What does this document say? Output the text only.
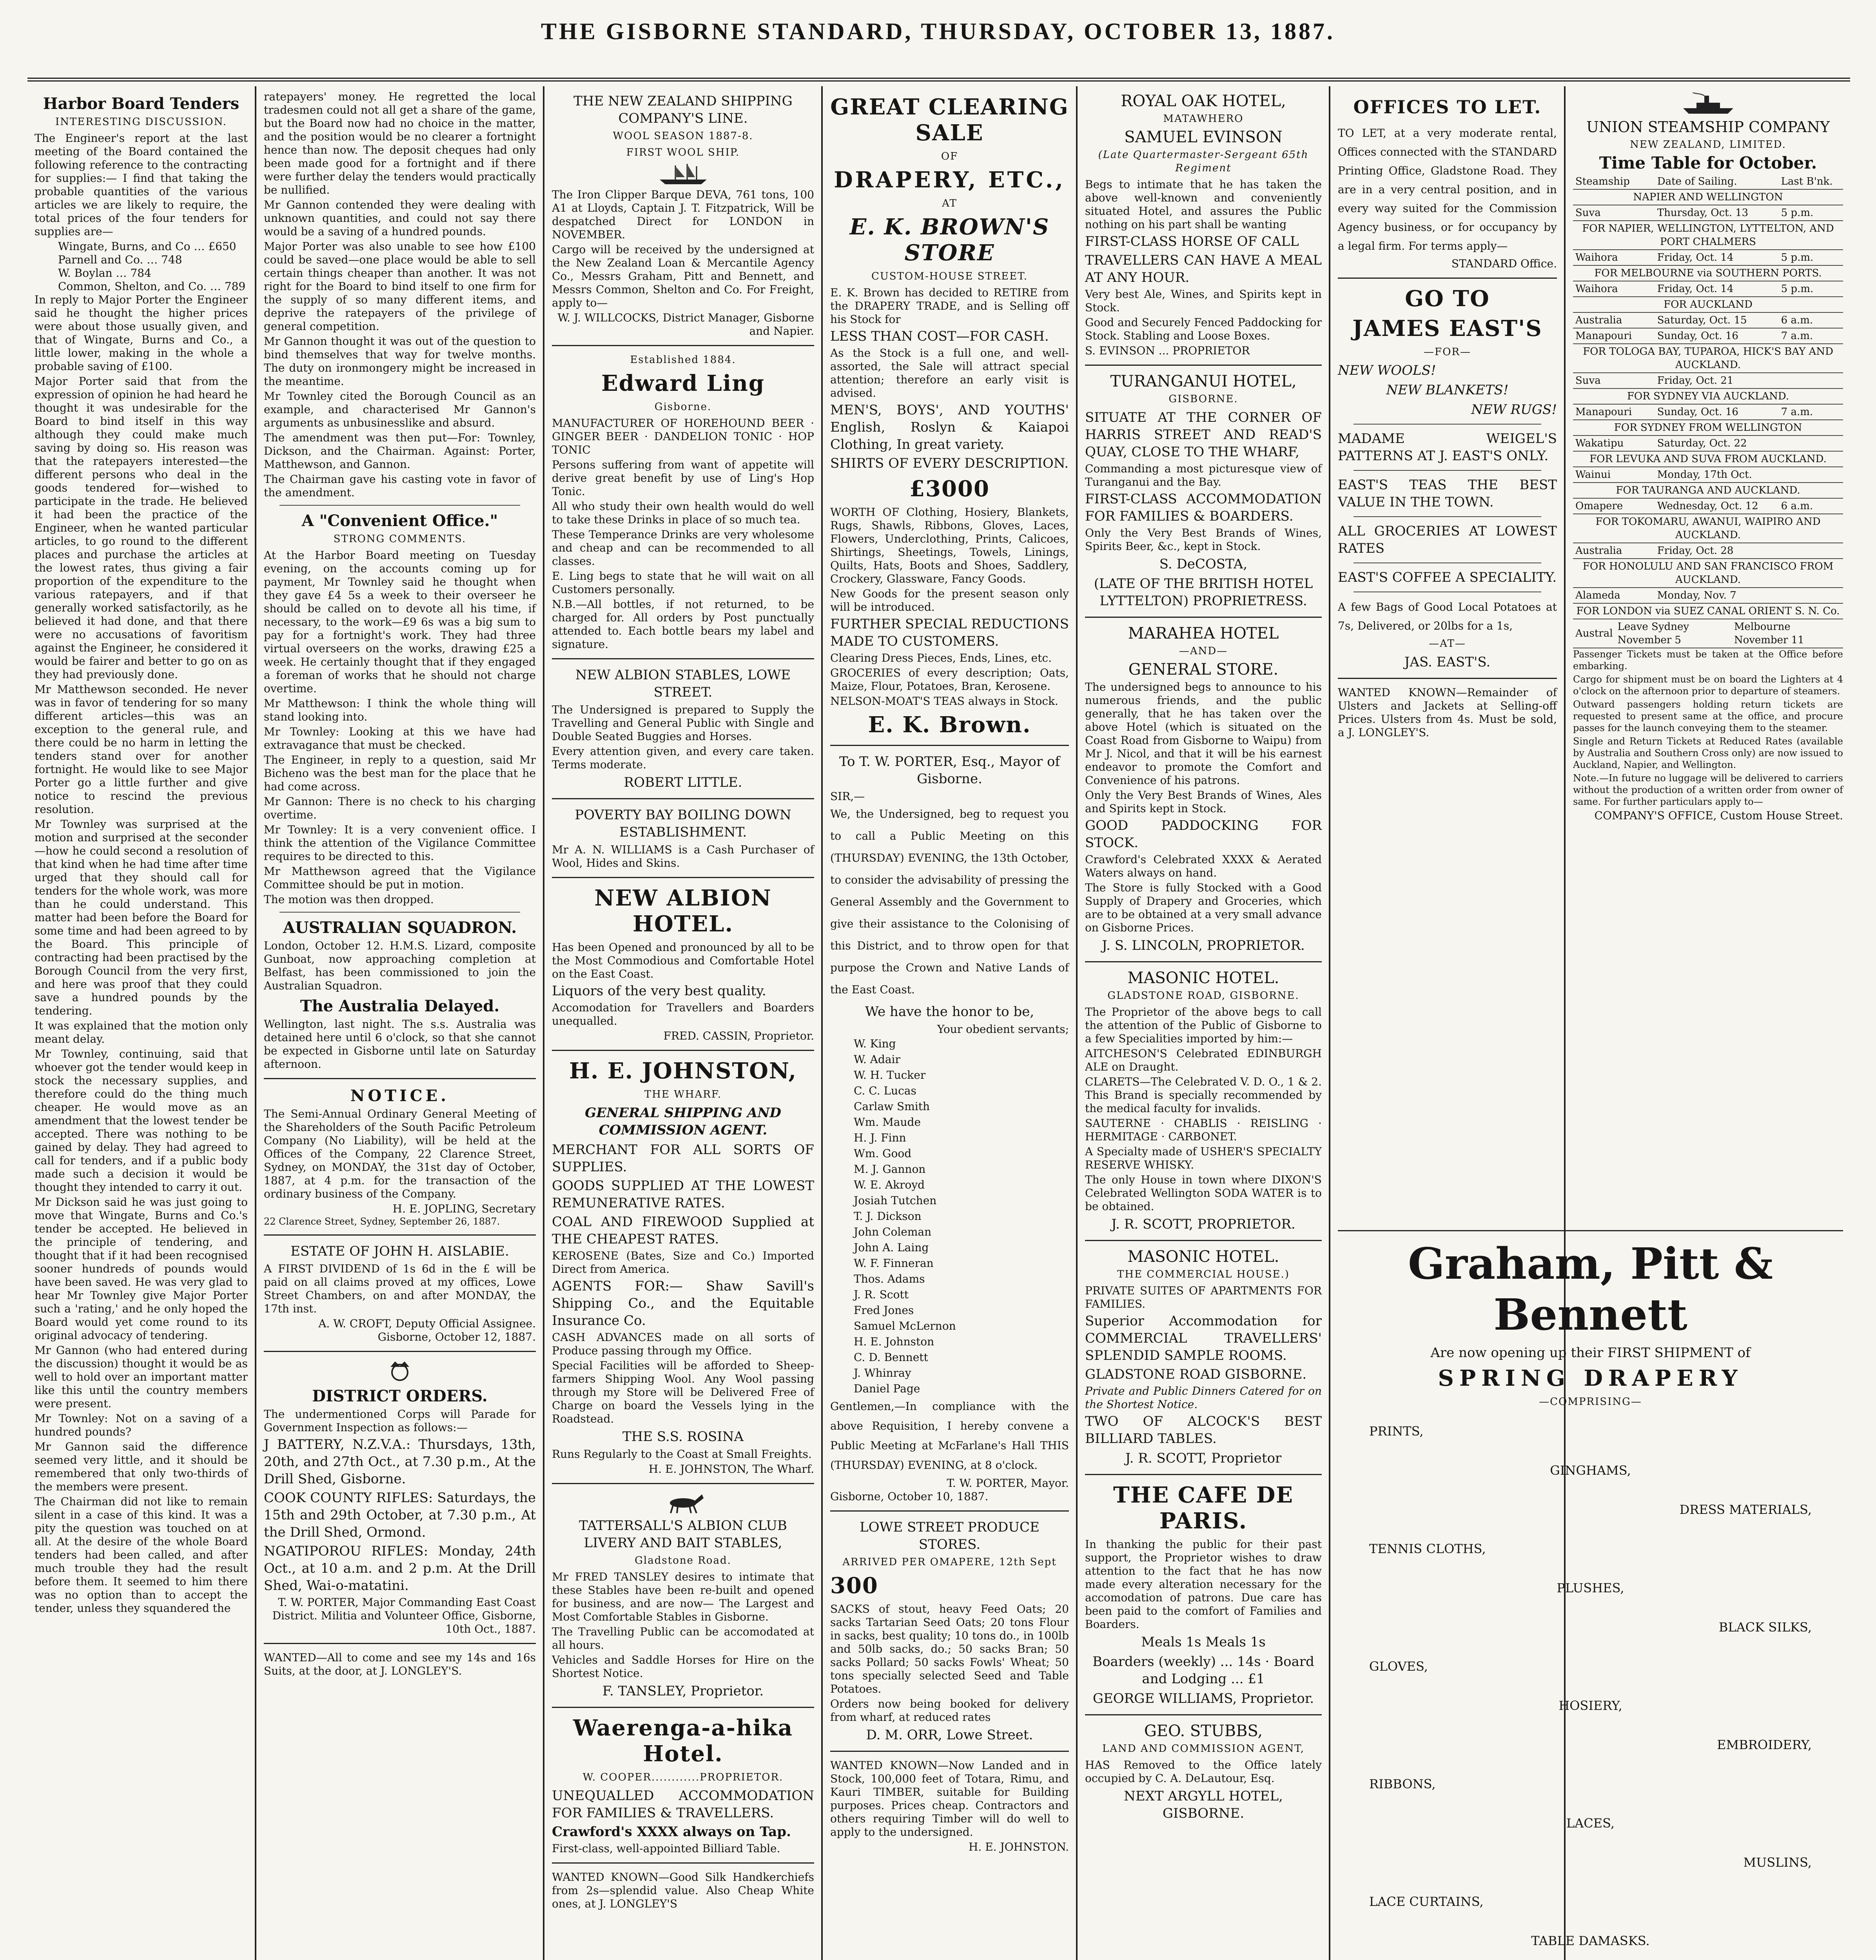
THE GISBORNE STANDARD, THURSDAY, OCTOBER 13, 1887.
Harbor Board Tenders
INTERESTING DISCUSSION.

The Engineer's report at the last meeting of the Board contained the following reference to the contracting for supplies:— I find that taking the probable quantities of the various articles we are likely to require, the total prices of the four tenders for supplies are—

Wingate, Burns, and Co … £650
Parnell and Co. … 748
W. Boylan … 784
Common, Shelton, and Co. … 789

In reply to Major Porter the Engineer said he thought the higher prices were about those usually given, and that of Wingate, Burns and Co., a little lower, making in the whole a probable saving of £100.

Major Porter said that from the expression of opinion he had heard he thought it was undesirable for the Board to bind itself in this way although they could make much saving by doing so. His reason was that the ratepayers interested—the different persons who deal in the goods tendered for—wished to participate in the trade. He believed it had been the practice of the Engineer, when he wanted particular articles, to go round to the different places and purchase the articles at the lowest rates, thus giving a fair proportion of the expenditure to the various ratepayers, and if that generally worked satisfactorily, as he believed it had done, and that there were no accusations of favoritism against the Engineer, he considered it would be fairer and better to go on as they had previously done.

Mr Matthewson seconded. He never was in favor of tendering for so many different articles—this was an exception to the general rule, and there could be no harm in letting the tenders stand over for another fortnight. He would like to see Major Porter go a little further and give notice to rescind the previous resolution.

Mr Townley was surprised at the motion and surprised at the seconder—how he could second a resolution of that kind when he had time after time urged that they should call for tenders for the whole work, was more than he could understand. This matter had been before the Board for some time and had been agreed to by the Board. This principle of contracting had been practised by the Borough Council from the very first, and here was proof that they could save a hundred pounds by the tendering.

It was explained that the motion only meant delay.

Mr Townley, continuing, said that whoever got the tender would keep in stock the necessary supplies, and therefore could do the thing much cheaper. He would move as an amendment that the lowest tender be accepted. There was nothing to be gained by delay. They had agreed to call for tenders, and if a public body made such a decision it would be thought they intended to carry it out.

Mr Dickson said he was just going to move that Wingate, Burns and Co.'s tender be accepted. He believed in the principle of tendering, and thought that if it had been recognised sooner hundreds of pounds would have been saved. He was very glad to hear Mr Townley give Major Porter such a 'rating,' and he only hoped the Board would yet come round to its original advocacy of tendering.

Mr Gannon (who had entered during the discussion) thought it would be as well to hold over an important matter like this until the country members were present.

Mr Townley: Not on a saving of a hundred pounds?

Mr Gannon said the difference seemed very little, and it should be remembered that only two-thirds of the members were present.

The Chairman did not like to remain silent in a case of this kind. It was a pity the question was touched on at all. At the desire of the whole Board tenders had been called, and after much trouble they had the result before them. It seemed to him there was no option than to accept the tender, unless they squandered the

ratepayers' money. He regretted the local tradesmen could not all get a share of the game, but the Board now had no choice in the matter, and the position would be no clearer a fortnight hence than now. The deposit cheques had only been made good for a fortnight and if there were further delay the tenders would practically be nullified.

Mr Gannon contended they were dealing with unknown quantities, and could not say there would be a saving of a hundred pounds.

Major Porter was also unable to see how £100 could be saved—one place would be able to sell certain things cheaper than another. It was not right for the Board to bind itself to one firm for the supply of so many different items, and deprive the ratepayers of the privilege of general competition.

Mr Gannon thought it was out of the question to bind themselves that way for twelve months. The duty on ironmongery might be increased in the meantime.

Mr Townley cited the Borough Council as an example, and characterised Mr Gannon's arguments as unbusinesslike and absurd.

The amendment was then put—For: Townley, Dickson, and the Chairman. Against: Porter, Matthewson, and Gannon.

The Chairman gave his casting vote in favor of the amendment.

A "Convenient Office."
STRONG COMMENTS.

At the Harbor Board meeting on Tuesday evening, on the accounts coming up for payment, Mr Townley said he thought when they gave £4 5s a week to their overseer he should be called on to devote all his time, if necessary, to the work—£9 6s was a big sum to pay for a fortnight's work. They had three virtual overseers on the works, drawing £25 a week. He certainly thought that if they engaged a foreman of works that he should not charge overtime.

Mr Matthewson: I think the whole thing will stand looking into.

Mr Townley: Looking at this we have had extravagance that must be checked.

The Engineer, in reply to a question, said Mr Bicheno was the best man for the place that he had come across.

Mr Gannon: There is no check to his charging overtime.

Mr Townley: It is a very convenient office. I think the attention of the Vigilance Committee requires to be directed to this.

Mr Matthewson agreed that the Vigilance Committee should be put in motion.

The motion was then dropped.

AUSTRALIAN SQUADRON.

London, October 12. H.M.S. Lizard, composite Gunboat, now approaching completion at Belfast, has been commissioned to join the Australian Squadron.

The Australia Delayed.

Wellington, last night. The s.s. Australia was detained here until 6 o'clock, so that she cannot be expected in Gisborne until late on Saturday afternoon.

NOTICE.

The Semi-Annual Ordinary General Meeting of the Shareholders of the South Pacific Petroleum Company (No Liability), will be held at the Offices of the Company, 22 Clarence Street, Sydney, on MONDAY, the 31st day of October, 1887, at 4 p.m. for the transaction of the ordinary business of the Company.

H. E. JOPLING, Secretary
22 Clarence Street, Sydney, September 26, 1887.
ESTATE OF JOHN H. AISLABIE.

A FIRST DIVIDEND of 1s 6d in the £ will be paid on all claims proved at my offices, Lowe Street Chambers, on and after MONDAY, the 17th inst.

A. W. CROFT, Deputy Official Assignee. Gisborne, October 12, 1887.
DISTRICT ORDERS.

The undermentioned Corps will Parade for Government Inspection as follows:—

J BATTERY, N.Z.V.A.: Thursdays, 13th, 20th, and 27th Oct., at 7.30 p.m., At the Drill Shed, Gisborne.

COOK COUNTY RIFLES: Saturdays, the 15th and 29th October, at 7.30 p.m., At the Drill Shed, Ormond.

NGATIPOROU RIFLES: Monday, 24th Oct., at 10 a.m. and 2 p.m. At the Drill Shed, Wai-o-matatini.

T. W. PORTER, Major Commanding East Coast District. Militia and Volunteer Office, Gisborne, 10th Oct., 1887.

WANTED—All to come and see my 14s and 16s Suits, at the door, at J. LONGLEY'S.

THE NEW ZEALAND SHIPPING COMPANY'S LINE.
WOOL SEASON 1887-8.
FIRST WOOL SHIP.

The Iron Clipper Barque DEVA, 761 tons, 100 A1 at Lloyds, Captain J. T. Fitzpatrick, Will be despatched Direct for LONDON in NOVEMBER.

Cargo will be received by the undersigned at the New Zealand Loan & Mercantile Agency Co., Messrs Graham, Pitt and Bennett, and Messrs Common, Shelton and Co. For Freight, apply to—

W. J. WILLCOCKS, District Manager, Gisborne and Napier.
Established 1884.
Edward Ling
Gisborne.

MANUFACTURER OF HOREHOUND BEER · GINGER BEER · DANDELION TONIC · HOP TONIC

Persons suffering from want of appetite will derive great benefit by use of Ling's Hop Tonic.

All who study their own health would do well to take these Drinks in place of so much tea.

These Temperance Drinks are very wholesome and cheap and can be recommended to all classes.

E. Ling begs to state that he will wait on all Customers personally.

N.B.—All bottles, if not returned, to be charged for. All orders by Post punctually attended to. Each bottle bears my label and signature.

NEW ALBION STABLES, LOWE STREET.

The Undersigned is prepared to Supply the Travelling and General Public with Single and Double Seated Buggies and Horses.

Every attention given, and every care taken. Terms moderate.

ROBERT LITTLE.
POVERTY BAY BOILING DOWN ESTABLISHMENT.

Mr A. N. WILLIAMS is a Cash Purchaser of Wool, Hides and Skins.

NEW ALBION HOTEL.

Has been Opened and pronounced by all to be the Most Commodious and Comfortable Hotel on the East Coast.

Liquors of the very best quality.

Accomodation for Travellers and Boarders unequalled.

FRED. CASSIN, Proprietor.
H. E. JOHNSTON,
THE WHARF.
GENERAL SHIPPING AND COMMISSION AGENT.

MERCHANT FOR ALL SORTS OF SUPPLIES.

GOODS SUPPLIED AT THE LOWEST REMUNERATIVE RATES.

COAL AND FIREWOOD Supplied at THE CHEAPEST RATES.

KEROSENE (Bates, Size and Co.) Imported Direct from America.

AGENTS FOR:— Shaw Savill's Shipping Co., and the Equitable Insurance Co.

CASH ADVANCES made on all sorts of Produce passing through my Office.

Special Facilities will be afforded to Sheep-farmers Shipping Wool. Any Wool passing through my Store will be Delivered Free of Charge on board the Vessels lying in the Roadstead.

THE S.S. ROSINA

Runs Regularly to the Coast at Small Freights.

H. E. JOHNSTON, The Wharf.
TATTERSALL'S ALBION CLUB LIVERY AND BAIT STABLES,
Gladstone Road.

Mr FRED TANSLEY desires to intimate that these Stables have been re-built and opened for business, and are now— The Largest and Most Comfortable Stables in Gisborne.

The Travelling Public can be accomodated at all hours.

Vehicles and Saddle Horses for Hire on the Shortest Notice.

F. TANSLEY, Proprietor.
Waerenga-a-hika Hotel.
W. COOPER............PROPRIETOR.

UNEQUALLED ACCOMMODATION FOR FAMILIES & TRAVELLERS.

Crawford's XXXX always on Tap.

First-class, well-appointed Billiard Table.

WANTED KNOWN—Good Silk Handkerchiefs from 2s—splendid value. Also Cheap White ones, at J. LONGLEY'S

GREAT CLEARING SALE
OF
DRAPERY, ETC.,
AT
E. K. BROWN'S STORE
CUSTOM-HOUSE STREET.

E. K. Brown has decided to RETIRE from the DRAPERY TRADE, and is Selling off his Stock for

LESS THAN COST—FOR CASH.

As the Stock is a full one, and well-assorted, the Sale will attract special attention; therefore an early visit is advised.

MEN'S, BOYS', AND YOUTHS' English, Roslyn & Kaiapoi Clothing, In great variety.

SHIRTS OF EVERY DESCRIPTION.

£3000

WORTH OF Clothing, Hosiery, Blankets, Rugs, Shawls, Ribbons, Gloves, Laces, Flowers, Underclothing, Prints, Calicoes, Shirtings, Sheetings, Towels, Linings, Quilts, Hats, Boots and Shoes, Saddlery, Crockery, Glassware, Fancy Goods.

New Goods for the present season only will be introduced.

FURTHER SPECIAL REDUCTIONS MADE TO CUSTOMERS.

Clearing Dress Pieces, Ends, Lines, etc.

GROCERIES of every description; Oats, Maize, Flour, Potatoes, Bran, Kerosene.

NELSON-MOAT'S TEAS always in Stock.

E. K. Brown.
To T. W. PORTER, Esq., Mayor of Gisborne.
SIR,—

We, the Undersigned, beg to request you to call a Public Meeting on this (THURSDAY) EVENING, the 13th October, to consider the advisability of pressing the General Assembly and the Government to give their assistance to the Colonising of this District, and to throw open for that purpose the Crown and Native Lands of the East Coast.

We have the honor to be,
Your obedient servants;
W. King
W. Adair
W. H. Tucker
C. C. Lucas
Carlaw Smith
Wm. Maude
H. J. Finn
Wm. Good
M. J. Gannon
W. E. Akroyd
Josiah Tutchen
T. J. Dickson
John Coleman
John A. Laing
W. F. Finneran
Thos. Adams
J. R. Scott
Fred Jones
Samuel McLernon
H. E. Johnston
C. D. Bennett
J. Whinray
Daniel Page

Gentlemen,—In compliance with the above Requisition, I hereby convene a Public Meeting at McFarlane's Hall THIS (THURSDAY) EVENING, at 8 o'clock.

T. W. PORTER, Mayor.
Gisborne, October 10, 1887.
LOWE STREET PRODUCE STORES.
ARRIVED PER OMAPERE, 12th Sept
300

SACKS of stout, heavy Feed Oats; 20 sacks Tartarian Seed Oats; 20 tons Flour in sacks, best quality; 10 tons do., in 100lb and 50lb sacks, do.; 50 sacks Bran; 50 sacks Pollard; 50 sacks Fowls' Wheat; 50 tons specially selected Seed and Table Potatoes.

Orders now being booked for delivery from wharf, at reduced rates

D. M. ORR, Lowe Street.

WANTED KNOWN—Now Landed and in Stock, 100,000 feet of Totara, Rimu, and Kauri TIMBER, suitable for Building purposes. Prices cheap. Contractors and others requiring Timber will do well to apply to the undersigned.

H. E. JOHNSTON.
ROYAL OAK HOTEL,
MATAWHERO
SAMUEL EVINSON
(Late Quartermaster-Sergeant 65th Regiment

Begs to intimate that he has taken the above well-known and conveniently situated Hotel, and assures the Public nothing on his part shall be wanting

FIRST-CLASS HORSE OF CALL

TRAVELLERS CAN HAVE A MEAL AT ANY HOUR.

Very best Ale, Wines, and Spirits kept in Stock.

Good and Securely Fenced Paddocking for Stock. Stabling and Loose Boxes.

S. EVINSON ... PROPRIETOR
TURANGANUI HOTEL,
GISBORNE.

SITUATE AT THE CORNER OF HARRIS STREET AND READ'S QUAY, CLOSE TO THE WHARF,

Commanding a most picturesque view of Turanganui and the Bay.

FIRST-CLASS ACCOMMODATION FOR FAMILIES & BOARDERS.

Only the Very Best Brands of Wines, Spirits Beer, &c., kept in Stock.

S. DeCOSTA,
(LATE OF THE BRITISH HOTEL LYTTELTON) PROPRIETRESS.
MARAHEA HOTEL
—AND—
GENERAL STORE.

The undersigned begs to announce to his numerous friends, and the public generally, that he has taken over the above Hotel (which is situated on the Coast Road from Gisborne to Waipu) from Mr J. Nicol, and that it will be his earnest endeavor to promote the Comfort and Convenience of his patrons.

Only the Very Best Brands of Wines, Ales and Spirits kept in Stock.

GOOD PADDOCKING FOR STOCK.

Crawford's Celebrated XXXX & Aerated Waters always on hand.

The Store is fully Stocked with a Good Supply of Drapery and Groceries, which are to be obtained at a very small advance on Gisborne Prices.

J. S. LINCOLN, PROPRIETOR.
MASONIC HOTEL.
GLADSTONE ROAD, GISBORNE.

The Proprietor of the above begs to call the attention of the Public of Gisborne to a few Specialities imported by him:—

AITCHESON'S Celebrated EDINBURGH ALE on Draught.

CLARETS—The Celebrated V. D. O., 1 & 2. This Brand is specially recommended by the medical faculty for invalids.

SAUTERNE · CHABLIS · REISLING · HERMITAGE · CARBONET.

A Specialty made of USHER'S SPECIALTY RESERVE WHISKY.

The only House in town where DIXON'S Celebrated Wellington SODA WATER is to be obtained.

J. R. SCOTT, PROPRIETOR.
MASONIC HOTEL.
THE COMMERCIAL HOUSE.)

PRIVATE SUITES OF APARTMENTS FOR FAMILIES.

Superior Accommodation for COMMERCIAL TRAVELLERS' SPLENDID SAMPLE ROOMS.

GLADSTONE ROAD GISBORNE.

Private and Public Dinners Catered for on the Shortest Notice.

TWO OF ALCOCK'S BEST BILLIARD TABLES.

J. R. SCOTT, Proprietor
THE CAFE DE PARIS.

In thanking the public for their past support, the Proprietor wishes to draw attention to the fact that he has now made every alteration necessary for the accomodation of patrons. Due care has been paid to the comfort of Families and Boarders.

Meals 1s Meals 1s
Boarders (weekly) ... 14s · Board and Lodging ... £1
GEORGE WILLIAMS, Proprietor.
GEO. STUBBS,
LAND AND COMMISSION AGENT,

HAS Removed to the Office lately occupied by C. A. DeLautour, Esq.

NEXT ARGYLL HOTEL, GISBORNE.
OFFICES TO LET.

TO LET, at a very moderate rental, Offices connected with the STANDARD Printing Office, Gladstone Road. They are in a very central position, and in every way suited for the Commission Agency business, or for occupancy by a legal firm. For terms apply—

STANDARD Office.
GO TO
JAMES EAST'S
—FOR—
NEW WOOLS!
NEW BLANKETS!
NEW RUGS!

MADAME WEIGEL'S PATTERNS AT J. EAST'S ONLY.

EAST'S TEAS THE BEST VALUE IN THE TOWN.

ALL GROCERIES AT LOWEST RATES

EAST'S COFFEE A SPECIALITY.

A few Bags of Good Local Potatoes at 7s, Delivered, or 20lbs for a 1s,

—AT—
JAS. EAST'S.

WANTED KNOWN—Remainder of Ulsters and Jackets at Selling-off Prices. Ulsters from 4s. Must be sold, a J. LONGLEY'S.

UNION STEAMSHIP COMPANY
NEW ZEALAND, LIMITED.
Time Table for October.
Steamship	Date of Sailing.	Last B'nk.
NAPIER AND WELLINGTON		
Suva	Thursday, Oct. 13	5 p.m.
FOR NAPIER, WELLINGTON, LYTTELTON, AND PORT CHALMERS		
Waihora	Friday, Oct. 14	5 p.m.
FOR MELBOURNE via SOUTHERN PORTS.		
Waihora	Friday, Oct. 14	5 p.m.
FOR AUCKLAND		
Australia	Saturday, Oct. 15	6 a.m.
Manapouri	Sunday, Oct. 16	7 a.m.
FOR TOLOGA BAY, TUPAROA, HICK'S BAY AND AUCKLAND.		
Suva	Friday, Oct. 21	
FOR SYDNEY VIA AUCKLAND.		
Manapouri	Sunday, Oct. 16	7 a.m.
FOR SYDNEY FROM WELLINGTON		
Wakatipu	Saturday, Oct. 22	
FOR LEVUKA AND SUVA FROM AUCKLAND.		
Wainui	Monday, 17th Oct.	
FOR TAURANGA AND AUCKLAND.		
Omapere	Wednesday, Oct. 12	6 a.m.
FOR TOKOMARU, AWANUI, WAIPIRO AND AUCKLAND.		
Australia	Friday, Oct. 28	
FOR HONOLULU AND SAN FRANCISCO FROM AUCKLAND.		
Alameda	Monday, Nov. 7	
FOR LONDON via SUEZ CANAL ORIENT S. N. Co.		
Austral	Leave Sydney November 5	Melbourne November 11

Passenger Tickets must be taken at the Office before embarking.

Cargo for shipment must be on board the Lighters at 4 o'clock on the afternoon prior to departure of steamers.

Outward passengers holding return tickets are requested to present same at the office, and procure passes for the launch conveying them to the steamer.

Single and Return Tickets at Reduced Rates (available by Australia and Southern Cross only) are now issued to Auckland, Napier, and Wellington.

Note.—In future no luggage will be delivered to carriers without the production of a written order from owner of same. For further particulars apply to—

COMPANY'S OFFICE, Custom House Street.
Graham, Pitt & Bennett
Are now opening up their FIRST SHIPMENT of
SPRING DRAPERY
—COMPRISING—
PRINTS,
GINGHAMS,
DRESS MATERIALS,
TENNIS CLOTHS,
PLUSHES,
BLACK SILKS,
GLOVES,
HOSIERY,
EMBROIDERY,
RIBBONS,
LACES,
MUSLINS,
LACE CURTAINS,
TABLE DAMASKS.
